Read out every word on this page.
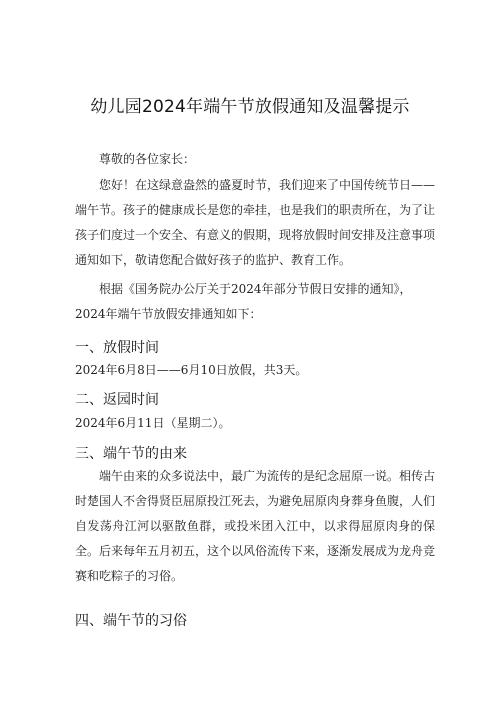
幼儿园2024年端午节放假通知及温馨提示

尊敬的各位家长：

您好！在这绿意盎然的盛夏时节，我们迎来了中国传统节日——端午节。孩子的健康成长是您的牵挂，也是我们的职责所在，为了让孩子们度过一个安全、有意义的假期，现将放假时间安排及注意事项通知如下，敬请您配合做好孩子的监护、教育工作。

根据《国务院办公厅关于2024年部分节假日安排的通知》，

2024年端午节放假安排通知如下：

一、放假时间
2024年6月8日——6月10日放假，共3天。
二、返园时间
2024年6月11日（星期二）。
三、端午节的由来

端午由来的众多说法中，最广为流传的是纪念屈原一说。相传古时楚国人不舍得贤臣屈原投江死去，为避免屈原肉身葬身鱼腹，人们自发荡舟江河以驱散鱼群，或投米团入江中，以求得屈原肉身的保全。后来每年五月初五，这个以风俗流传下来，逐渐发展成为龙舟竞赛和吃粽子的习俗。

四、端午节的习俗
